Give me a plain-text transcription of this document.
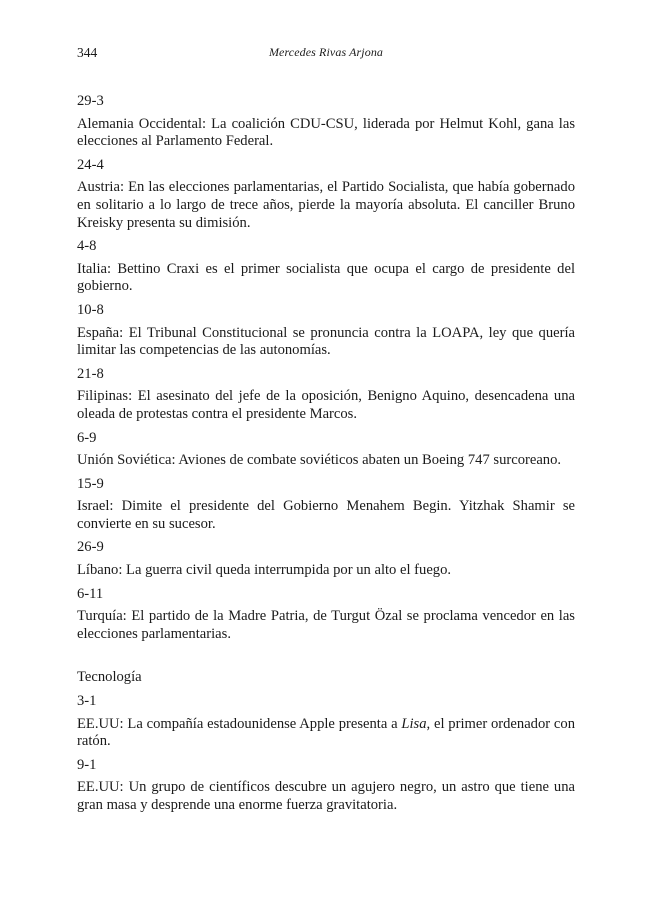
344	Mercedes Rivas Arjona

29-3

Alemania Occidental: La coalición CDU-CSU, liderada por Helmut Kohl, gana las elecciones al Parlamento Federal.

24-4

Austria: En las elecciones parlamentarias, el Partido Socialista, que había gobernado en solitario a lo largo de trece años, pierde la mayoría absoluta. El canciller Bruno Kreisky presenta su dimisión.

4-8

Italia: Bettino Craxi es el primer socialista que ocupa el cargo de presidente del gobierno.

10-8

España: El Tribunal Constitucional se pronuncia contra la LOAPA, ley que quería limitar las competencias de las autonomías.

21-8

Filipinas: El asesinato del jefe de la oposición, Benigno Aquino, desencadena una oleada de protestas contra el presidente Marcos.

6-9

Unión Soviética: Aviones de combate soviéticos abaten un Boeing 747 surcoreano.

15-9

Israel: Dimite el presidente del Gobierno Menahem Begin. Yitzhak Shamir se convierte en su sucesor.

26-9

Líbano: La guerra civil queda interrumpida por un alto el fuego.

6-11

Turquía: El partido de la Madre Patria, de Turgut Özal se proclama vencedor en las elecciones parlamentarias.

Tecnología

3-1

EE.UU: La compañía estadounidense Apple presenta a Lisa, el primer ordenador con ratón.

9-1

EE.UU: Un grupo de científicos descubre un agujero negro, un astro que tiene una gran masa y desprende una enorme fuerza gravitatoria.
